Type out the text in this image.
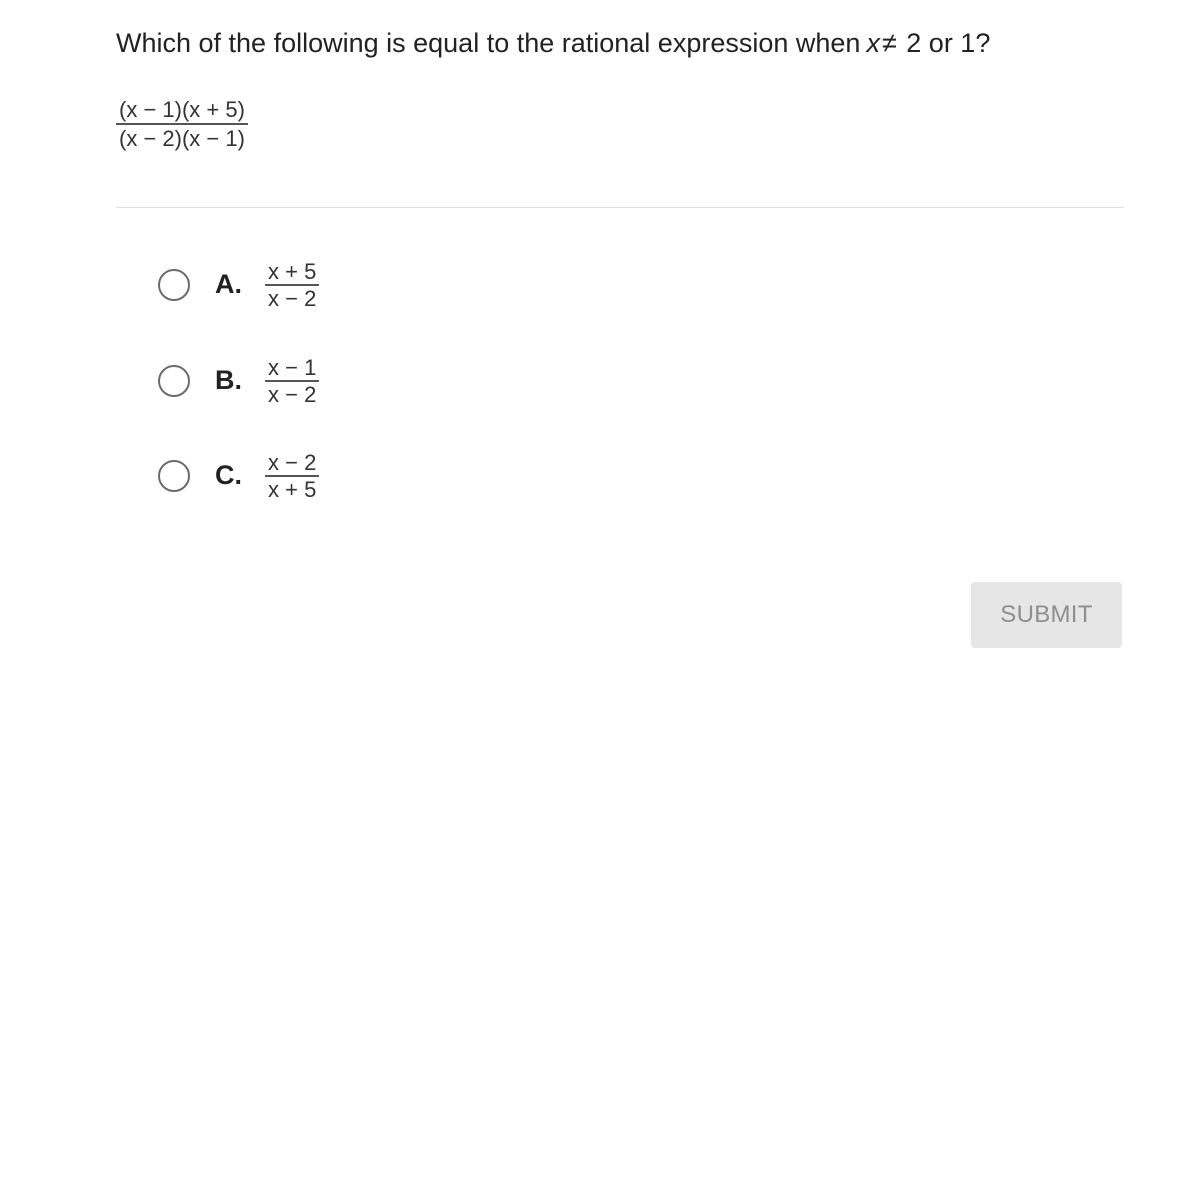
Which of the following is equal to the rational expression when x≠ 2 or 1?
(x − 1)(x + 5)
(x − 2)(x − 1)
A.	$\frac{x + 5}{x - 2}$
B.	$\frac{x - 1}{x - 2}$
C.	$\frac{x - 2}{x + 5}$
SUBMIT
